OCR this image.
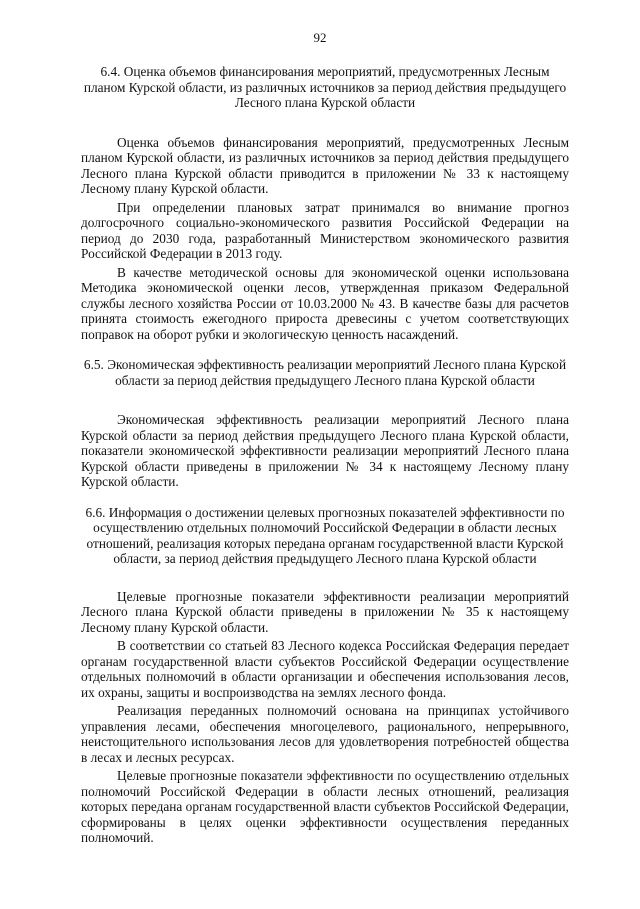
92

6.4. Оценка объемов финансирования мероприятий, предусмотренных Лесным планом Курской области, из различных источников за период действия предыдущего Лесного плана Курской области

Оценка объемов финансирования мероприятий, предусмотренных Лесным планом Курской области, из различных источников за период действия предыдущего Лесного плана Курской области приводится в приложении № 33 к настоящему Лесному плану Курской области.

При определении плановых затрат принимался во внимание прогноз долгосрочного социально-экономического развития Российской Федерации на период до 2030 года, разработанный Министерством экономического развития Российской Федерации в 2013 году.

В качестве методической основы для экономической оценки использована Методика экономической оценки лесов, утвержденная приказом Федеральной службы лесного хозяйства России от 10.03.2000 № 43. В качестве базы для расчетов принята стоимость ежегодного прироста древесины с учетом соответствующих поправок на оборот рубки и экологическую ценность насаждений.

6.5. Экономическая эффективность реализации мероприятий Лесного плана Курской области за период действия предыдущего Лесного плана Курской области

Экономическая эффективность реализации мероприятий Лесного плана Курской области за период действия предыдущего Лесного плана Курской области, показатели экономической эффективности реализации мероприятий Лесного плана Курской области приведены в приложении № 34 к настоящему Лесному плану Курской области.

6.6. Информация о достижении целевых прогнозных показателей эффективности по осуществлению отдельных полномочий Российской Федерации в области лесных отношений, реализация которых передана органам государственной власти Курской области, за период действия предыдущего Лесного плана Курской области

Целевые прогнозные показатели эффективности реализации мероприятий Лесного плана Курской области приведены в приложении № 35 к настоящему Лесному плану Курской области.

В соответствии со статьей 83 Лесного кодекса Российская Федерация передает органам государственной власти субъектов Российской Федерации осуществление отдельных полномочий в области организации и обеспечения использования лесов, их охраны, защиты и воспроизводства на землях лесного фонда.

Реализация переданных полномочий основана на принципах устойчивого управления лесами, обеспечения многоцелевого, рационального, непрерывного, неистощительного использования лесов для удовлетворения потребностей общества в лесах и лесных ресурсах.

Целевые прогнозные показатели эффективности по осуществлению отдельных полномочий Российской Федерации в области лесных отношений, реализация которых передана органам государственной власти субъектов Российской Федерации, сформированы в целях оценки эффективности осуществления переданных полномочий.
